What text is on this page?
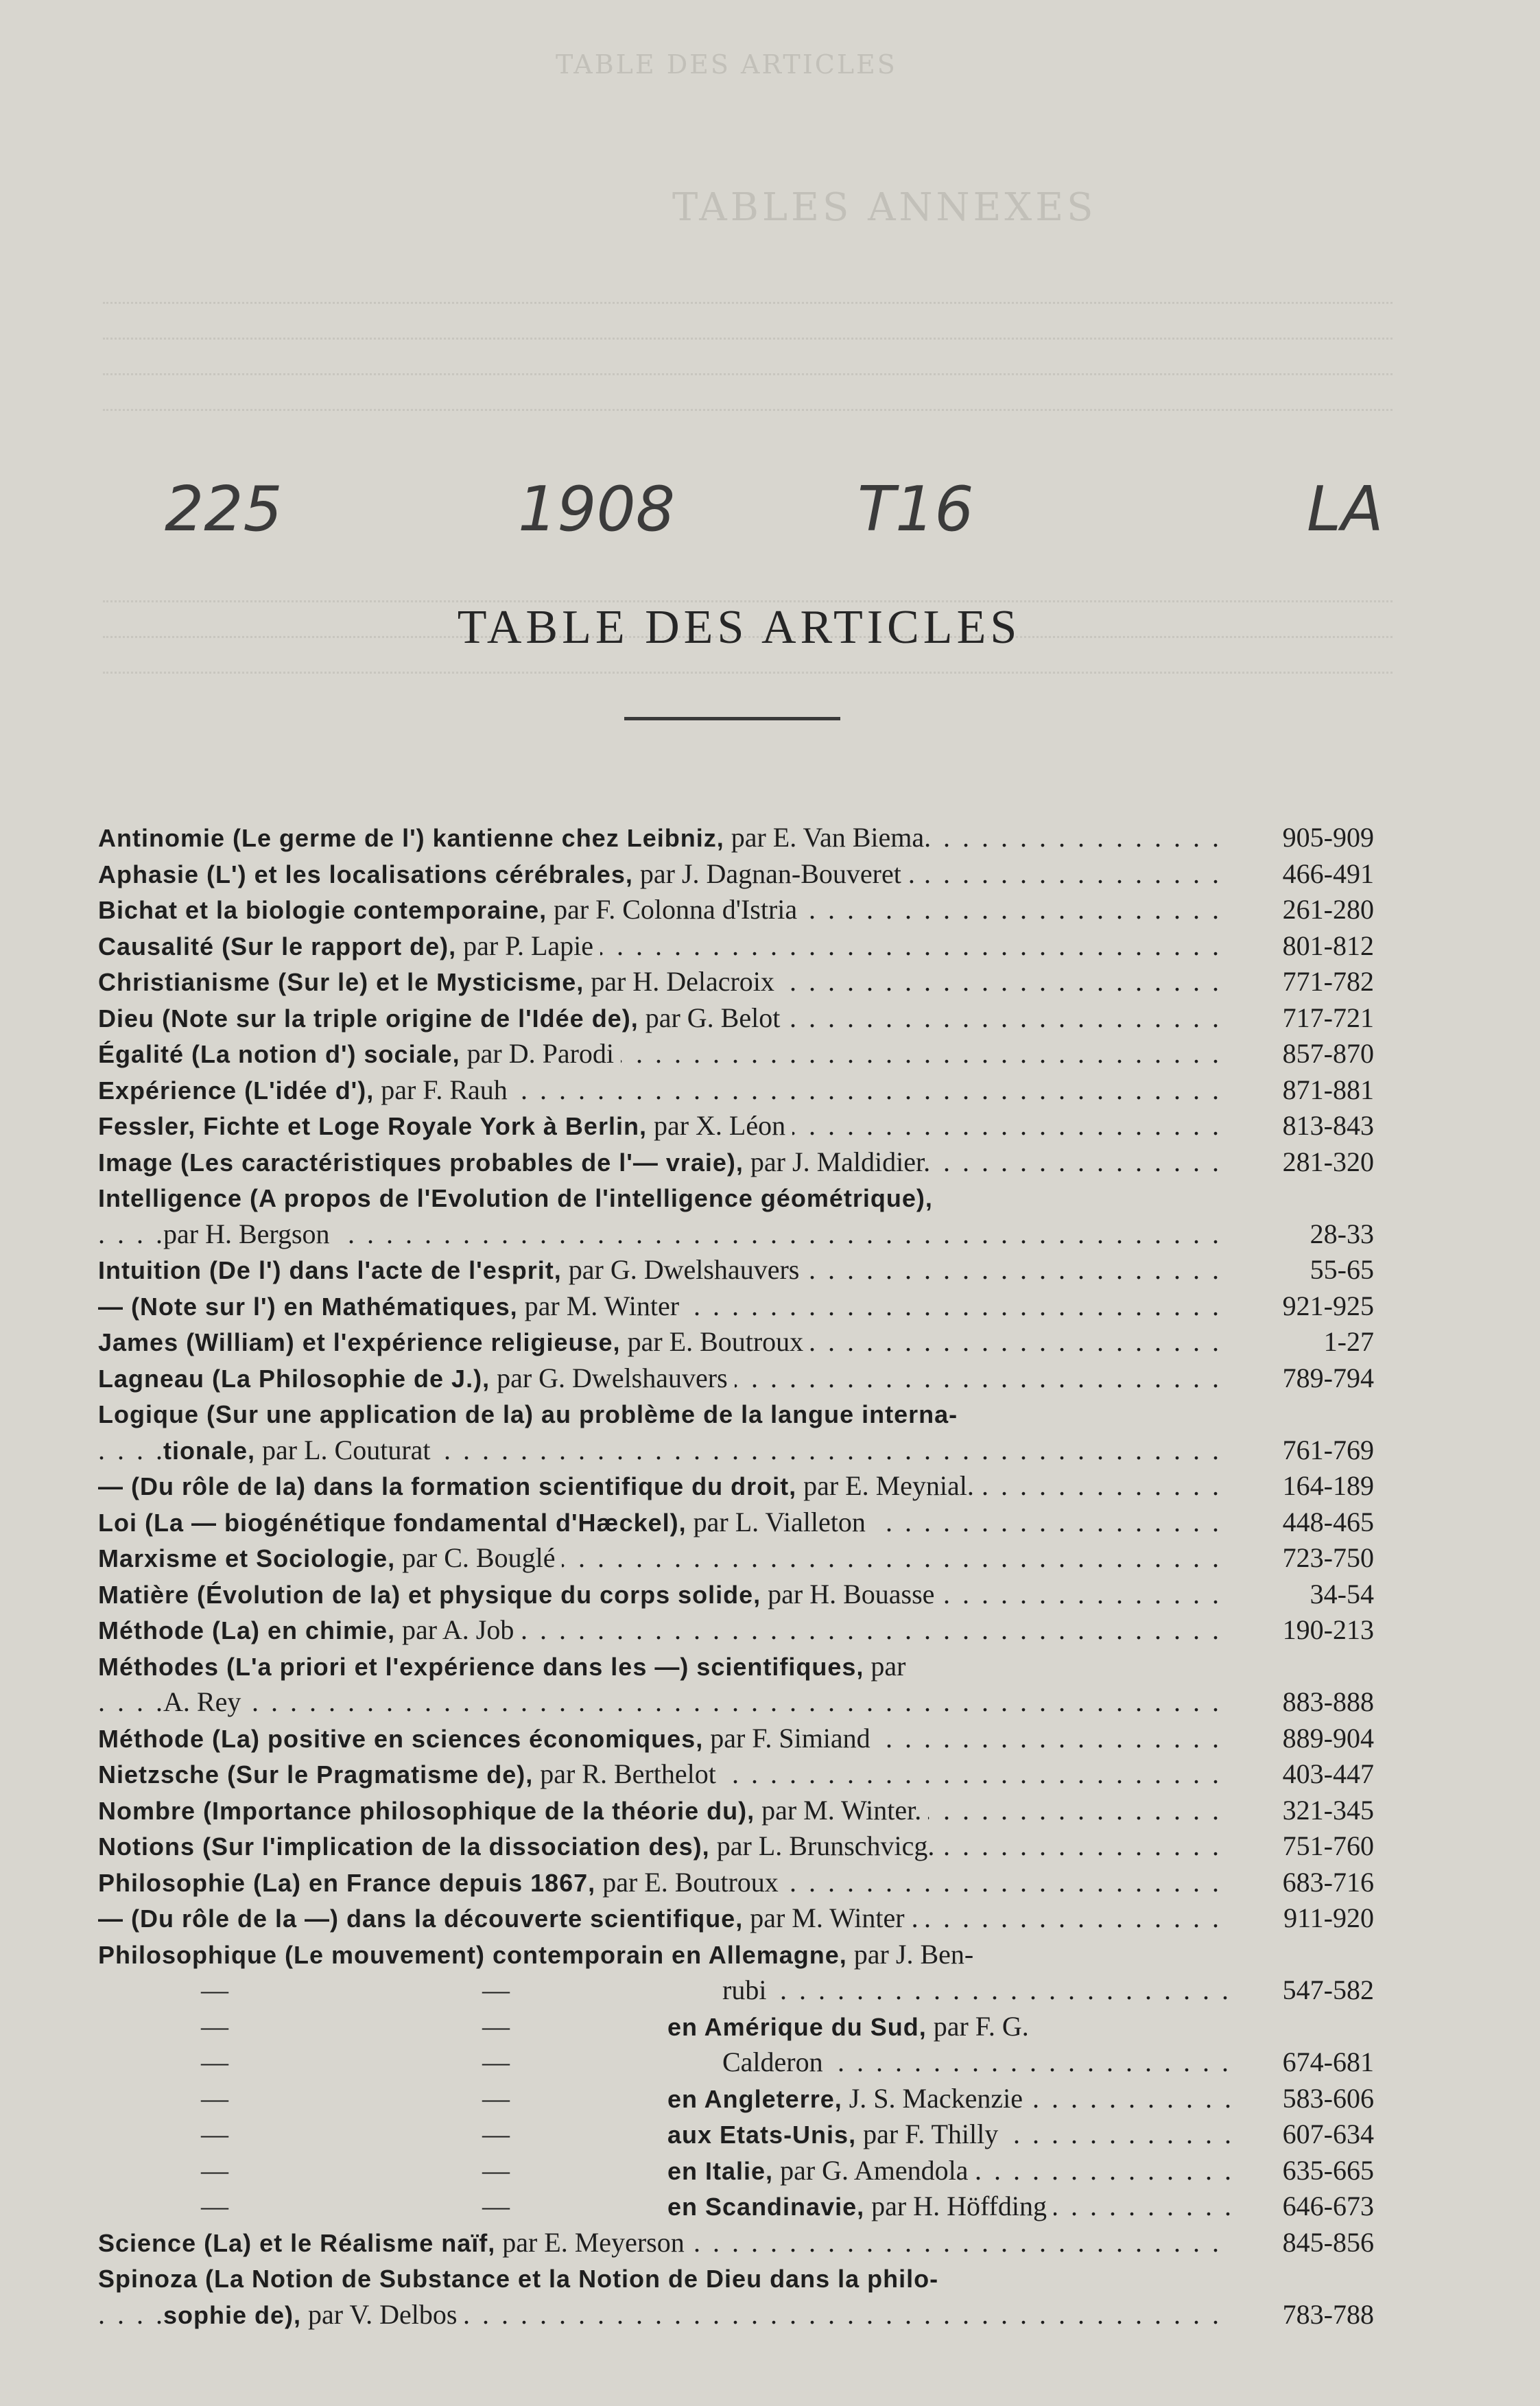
TABLE DES ARTICLES
TABLES ANNEXES
225	1908	T16	LA
TABLE DES ARTICLES
Antinomie (Le germe de l') kantienne chez Leibniz, par E. Van Biema. . . .	905-909
Aphasie (L') et les localisations cérébrales, par J. Dagnan-Bouveret . . . .	466-491
Bichat et la biologie contemporaine, par F. Colonna d'Istria . . .	261-280
Causalité (Sur le rapport de), par P. Lapie . . .	801-812
Christianisme (Sur le) et le Mysticisme, par H. Delacroix . . .	771-782
Dieu (Note sur la triple origine de l'Idée de), par G. Belot . . .	717-721
Égalité (La notion d') sociale, par D. Parodi . . .	857-870
Expérience (L'idée d'), par F. Rauh . . .	871-881
Fessler, Fichte et Loge Royale York à Berlin, par X. Léon . . .	813-843
Image (Les caractéristiques probables de l'— vraie), par J. Maldidier. . . .	281-320
Intelligence (A propos de l'Evolution de l'intelligence géométrique),
par H. Bergson . . .	28-33
Intuition (De l') dans l'acte de l'esprit, par G. Dwelshauvers . . .	55-65
— (Note sur l') en Mathématiques, par M. Winter . . .	921-925
James (William) et l'expérience religieuse, par E. Boutroux . . .	1-27
Lagneau (La Philosophie de J.), par G. Dwelshauvers . . .	789-794
Logique (Sur une application de la) au problème de la langue interna-
tionale, par L. Couturat . . .	761-769
— (Du rôle de la) dans la formation scientifique du droit, par E. Meynial. . . .	164-189
Loi (La — biogénétique fondamental d'Hæckel), par L. Vialleton . . .	448-465
Marxisme et Sociologie, par C. Bouglé . . .	723-750
Matière (Évolution de la) et physique du corps solide, par H. Bouasse . . .	34-54
Méthode (La) en chimie, par A. Job . . .	190-213
Méthodes (L'a priori et l'expérience dans les —) scientifiques, par
A. Rey . . .	883-888
Méthode (La) positive en sciences économiques, par F. Simiand . . .	889-904
Nietzsche (Sur le Pragmatisme de), par R. Berthelot . . .	403-447
Nombre (Importance philosophique de la théorie du), par M. Winter. . . .	321-345
Notions (Sur l'implication de la dissociation des), par L. Brunschvicg. . . .	751-760
Philosophie (La) en France depuis 1867, par E. Boutroux . . .	683-716
— (Du rôle de la —) dans la découverte scientifique, par M. Winter . . . .	911-920
Philosophique (Le mouvement) contemporain en Allemagne, par J. Ben-
—	—	rubi . . .	547-582
—	—	en Amérique du Sud, par F. G.
—	—	Calderon . . .	674-681
—	—	en Angleterre, J. S. Mackenzie . . .	583-606
—	—	aux Etats-Unis, par F. Thilly . . .	607-634
—	—	en Italie, par G. Amendola . . .	635-665
—	—	en Scandinavie, par H. Höffding . . .	646-673
Science (La) et le Réalisme naïf, par E. Meyerson . . .	845-856
Spinoza (La Notion de Substance et la Notion de Dieu dans la philo-
sophie de), par V. Delbos . . .	783-788
